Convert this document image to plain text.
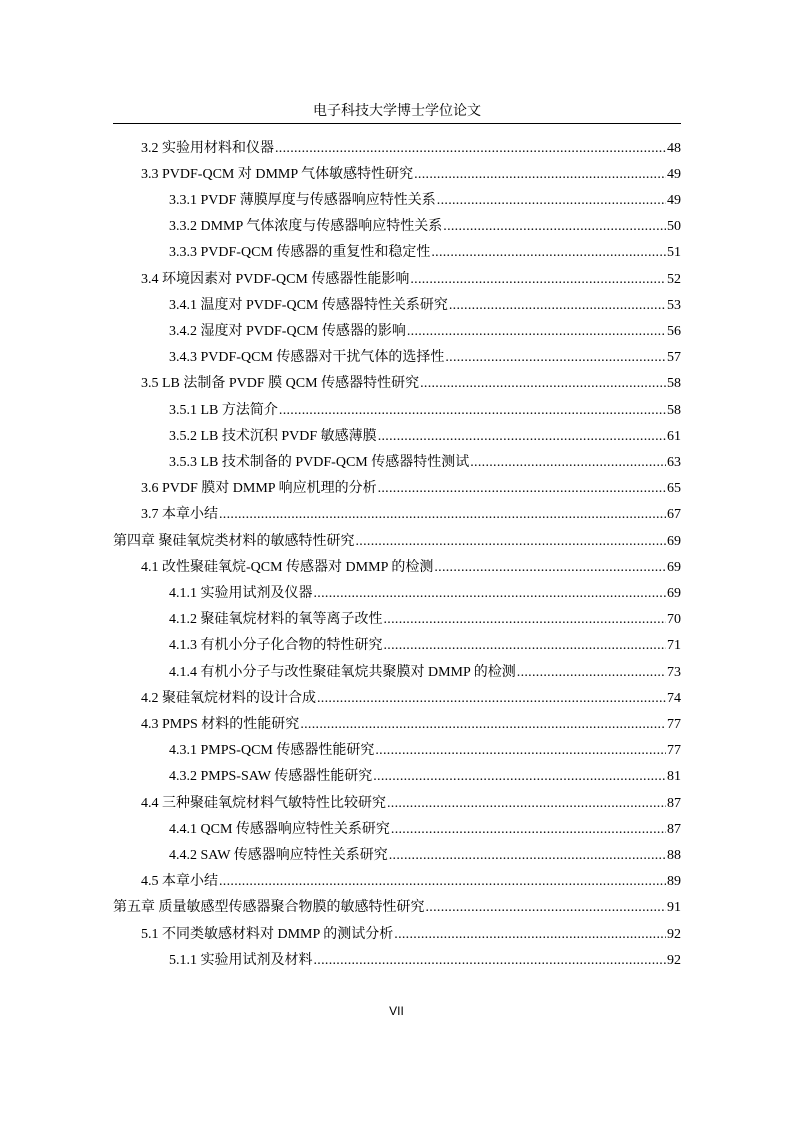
电子科技大学博士学位论文
3.2 实验用材料和仪器 . . .	48
3.3 PVDF-QCM 对 DMMP 气体敏感特性研究 . . .	49
3.3.1 PVDF 薄膜厚度与传感器响应特性关系 . . .	49
3.3.2 DMMP 气体浓度与传感器响应特性关系 . . .	50
3.3.3 PVDF-QCM 传感器的重复性和稳定性 . . .	51
3.4 环境因素对 PVDF-QCM 传感器性能影响 . . .	52
3.4.1 温度对 PVDF-QCM 传感器特性关系研究 . . .	53
3.4.2 湿度对 PVDF-QCM 传感器的影响 . . .	56
3.4.3 PVDF-QCM 传感器对干扰气体的选择性 . . .	57
3.5 LB 法制备 PVDF 膜 QCM 传感器特性研究 . . .	58
3.5.1 LB 方法简介 . . .	58
3.5.2 LB 技术沉积 PVDF 敏感薄膜 . . .	61
3.5.3 LB 技术制备的 PVDF-QCM 传感器特性测试 . . .	63
3.6 PVDF 膜对 DMMP 响应机理的分析 . . .	65
3.7 本章小结 . . .	67
第四章 聚硅氧烷类材料的敏感特性研究 . . .	69
4.1 改性聚硅氧烷-QCM 传感器对 DMMP 的检测 . . .	69
4.1.1 实验用试剂及仪器 . . .	69
4.1.2 聚硅氧烷材料的氧等离子改性 . . .	70
4.1.3 有机小分子化合物的特性研究 . . .	71
4.1.4 有机小分子与改性聚硅氧烷共聚膜对 DMMP 的检测 . . .	73
4.2 聚硅氧烷材料的设计合成 . . .	74
4.3 PMPS 材料的性能研究 . . .	77
4.3.1 PMPS-QCM 传感器性能研究 . . .	77
4.3.2 PMPS-SAW 传感器性能研究 . . .	81
4.4 三种聚硅氧烷材料气敏特性比较研究 . . .	87
4.4.1 QCM 传感器响应特性关系研究 . . .	87
4.4.2 SAW 传感器响应特性关系研究 . . .	88
4.5 本章小结 . . .	89
第五章 质量敏感型传感器聚合物膜的敏感特性研究 . . .	91
5.1 不同类敏感材料对 DMMP 的测试分析 . . .	92
5.1.1 实验用试剂及材料 . . .	92
VII
